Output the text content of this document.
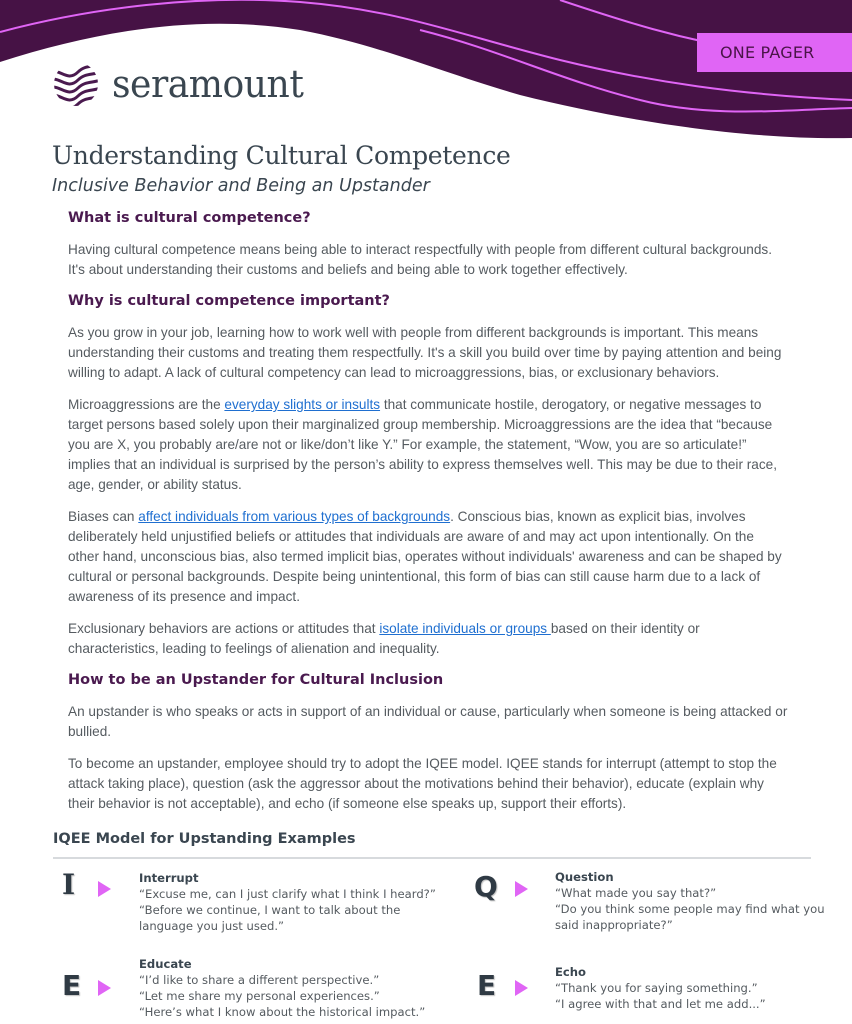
ONE PAGER
seramount
Understanding Cultural Competence
Inclusive Behavior and Being an Upstander
What is cultural competence?

Having cultural competence means being able to interact respectfully with people from different cultural backgrounds. It's about understanding their customs and beliefs and being able to work together effectively.

Why is cultural competence important?

As you grow in your job, learning how to work well with people from different backgrounds is important. This means understanding their customs and treating them respectfully. It's a skill you build over time by paying attention and being willing to adapt. A lack of cultural competency can lead to microaggressions, bias, or exclusionary behaviors.

Microaggressions are the everyday slights or insults that communicate hostile, derogatory, or negative messages to target persons based solely upon their marginalized group membership. Microaggressions are the idea that “because you are X, you probably are/are not or like/don’t like Y.” For example, the statement, “Wow, you are so articulate!” implies that an individual is surprised by the person’s ability to express themselves well. This may be due to their race, age, gender, or ability status.

Biases can affect individuals from various types of backgrounds. Conscious bias, known as explicit bias, involves deliberately held unjustified beliefs or attitudes that individuals are aware of and may act upon intentionally. On the other hand, unconscious bias, also termed implicit bias, operates without individuals' awareness and can be shaped by cultural or personal backgrounds. Despite being unintentional, this form of bias can still cause harm due to a lack of awareness of its presence and impact.

Exclusionary behaviors are actions or attitudes that isolate individuals or groups based on their identity or characteristics, leading to feelings of alienation and inequality.

How to be an Upstander for Cultural Inclusion

An upstander is who speaks or acts in support of an individual or cause, particularly when someone is being attacked or bullied.

To become an upstander, employee should try to adopt the IQEE model. IQEE stands for interrupt (attempt to stop the attack taking place), question (ask the aggressor about the motivations behind their behavior), educate (explain why their behavior is not acceptable), and echo (if someone else speaks up, support their efforts).

IQEE Model for Upstanding Examples
I	Interrupt
“Excuse me, can I just clarify what I think I heard?”
“Before we continue, I want to talk about the language you just used.”
Q	Question
“What made you say that?”
“Do you think some people may find what you said inappropriate?”
E
Educate
“I’d like to share a different perspective.”
“Let me share my personal experiences.”
“Here’s what I know about the historical impact.”
E	Echo
“Thank you for saying something.”
“I agree with that and let me add...”
